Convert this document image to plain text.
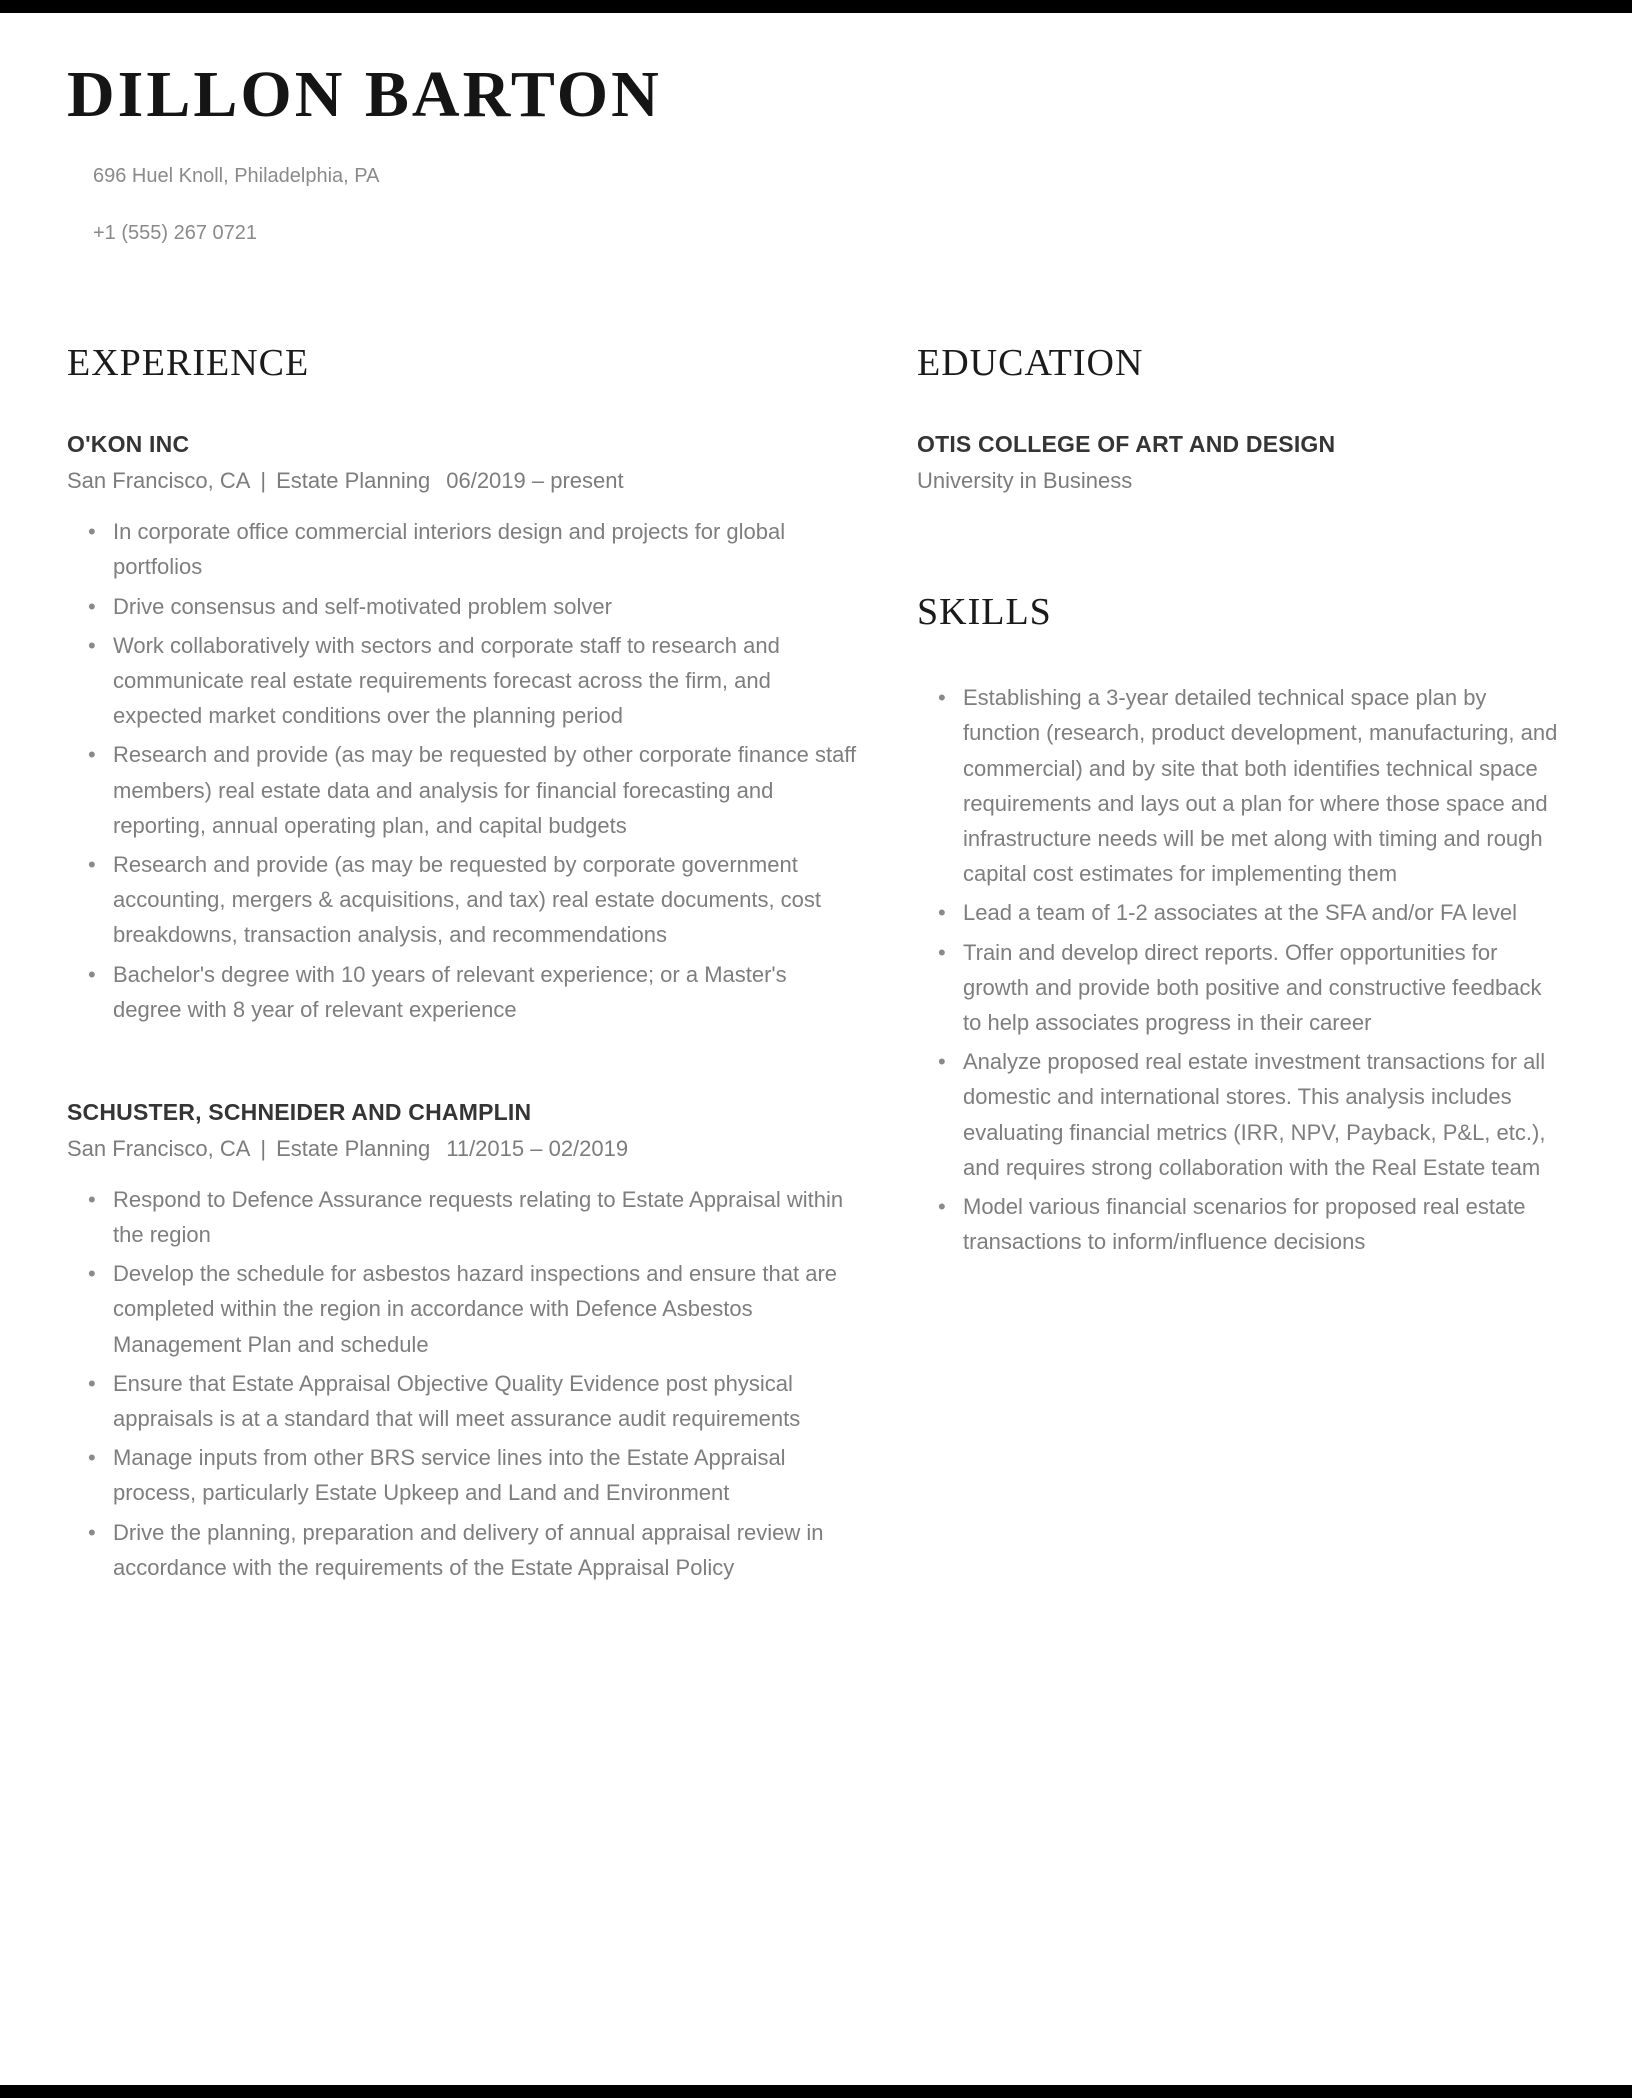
DILLON BARTON

696 Huel Knoll, Philadelphia, PA

+1 (555) 267 0721

EXPERIENCE
O'KON INC

San Francisco, CA | Estate Planning 06/2019 – present

• In corporate office commercial interiors design and projects for global portfolios
• Drive consensus and self-motivated problem solver
• Work collaboratively with sectors and corporate staff to research and communicate real estate requirements forecast across the firm, and expected market conditions over the planning period
• Research and provide (as may be requested by other corporate finance staff members) real estate data and analysis for financial forecasting and reporting, annual operating plan, and capital budgets
• Research and provide (as may be requested by corporate government accounting, mergers & acquisitions, and tax) real estate documents, cost breakdowns, transaction analysis, and recommendations
• Bachelor's degree with 10 years of relevant experience; or a Master's degree with 8 year of relevant experience
SCHUSTER, SCHNEIDER AND CHAMPLIN

San Francisco, CA | Estate Planning 11/2015 – 02/2019

• Respond to Defence Assurance requests relating to Estate Appraisal within the region
• Develop the schedule for asbestos hazard inspections and ensure that are completed within the region in accordance with Defence Asbestos Management Plan and schedule
• Ensure that Estate Appraisal Objective Quality Evidence post physical appraisals is at a standard that will meet assurance audit requirements
• Manage inputs from other BRS service lines into the Estate Appraisal process, particularly Estate Upkeep and Land and Environment
• Drive the planning, preparation and delivery of annual appraisal review in accordance with the requirements of the Estate Appraisal Policy
EDUCATION
OTIS COLLEGE OF ART AND DESIGN

University in Business

SKILLS
• Establishing a 3-year detailed technical space plan by function (research, product development, manufacturing, and commercial) and by site that both identifies technical space requirements and lays out a plan for where those space and infrastructure needs will be met along with timing and rough capital cost estimates for implementing them
• Lead a team of 1-2 associates at the SFA and/or FA level
• Train and develop direct reports. Offer opportunities for growth and provide both positive and constructive feedback to help associates progress in their career
• Analyze proposed real estate investment transactions for all domestic and international stores. This analysis includes evaluating financial metrics (IRR, NPV, Payback, P&L, etc.), and requires strong collaboration with the Real Estate team
• Model various financial scenarios for proposed real estate transactions to inform/influence decisions
